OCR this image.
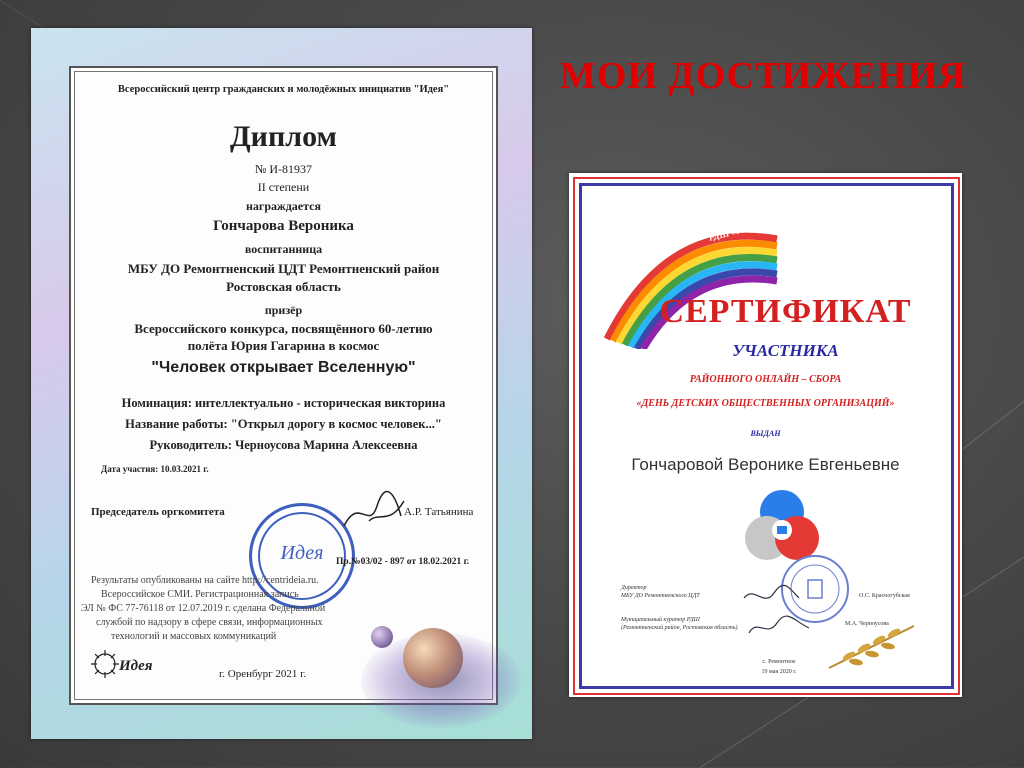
МОИ ДОСТИЖЕНИЯ
Всероссийский центр гражданских и молодёжных инициатив "Идея"
Диплом
№ И-81937
II степени
награждается
Гончарова Вероника
воспитанница
МБУ ДО Ремонтненский ЦДТ Ремонтненский район
Ростовская область
призёр
Всероссийского конкурса, посвящённого 60-летию
полёта Юрия Гагарина в космос
"Человек открывает Вселенную"
Номинация: интеллектуально - историческая викторина
Название работы: "Открыл дорогу в космос человек..."
Руководитель: Черноусова Марина Алексеевна
Дата участия: 10.03.2021 г.
Председатель оргкомитета	А.Р. Татьянина
Идея	Пр.№03/02 - 897 от 18.02.2021 г.
Результаты опубликованы на сайте http://centrideia.ru.
Всероссийское СМИ. Регистрационная запись
ЭЛ № ФС 77-76118 от 12.07.2019 г. сделана Федеральной
службой по надзору в сфере связи, информационных
технологий и массовых коммуникаций
Идея	г. Оренбург 2021 г.
РДШ «Радуга»
СЕРТИФИКАТ
УЧАСТНИКА
РАЙОННОГО ОНЛАЙН – СБОРА
«ДЕНЬ ДЕТСКИХ ОБЩЕСТВЕННЫХ ОРГАНИЗАЦИЙ»
ВЫДАН
Гончаровой Веронике Евгеньевне
Директор
МБУ ДО Ремонтненского ЦДТ	О.С. Красногубская
Муниципальный куратор РДШ
(Ремонтненский район, Ростовская область)
М.А. Черноусова
с. Ремонтное
19 мая 2020 г.
